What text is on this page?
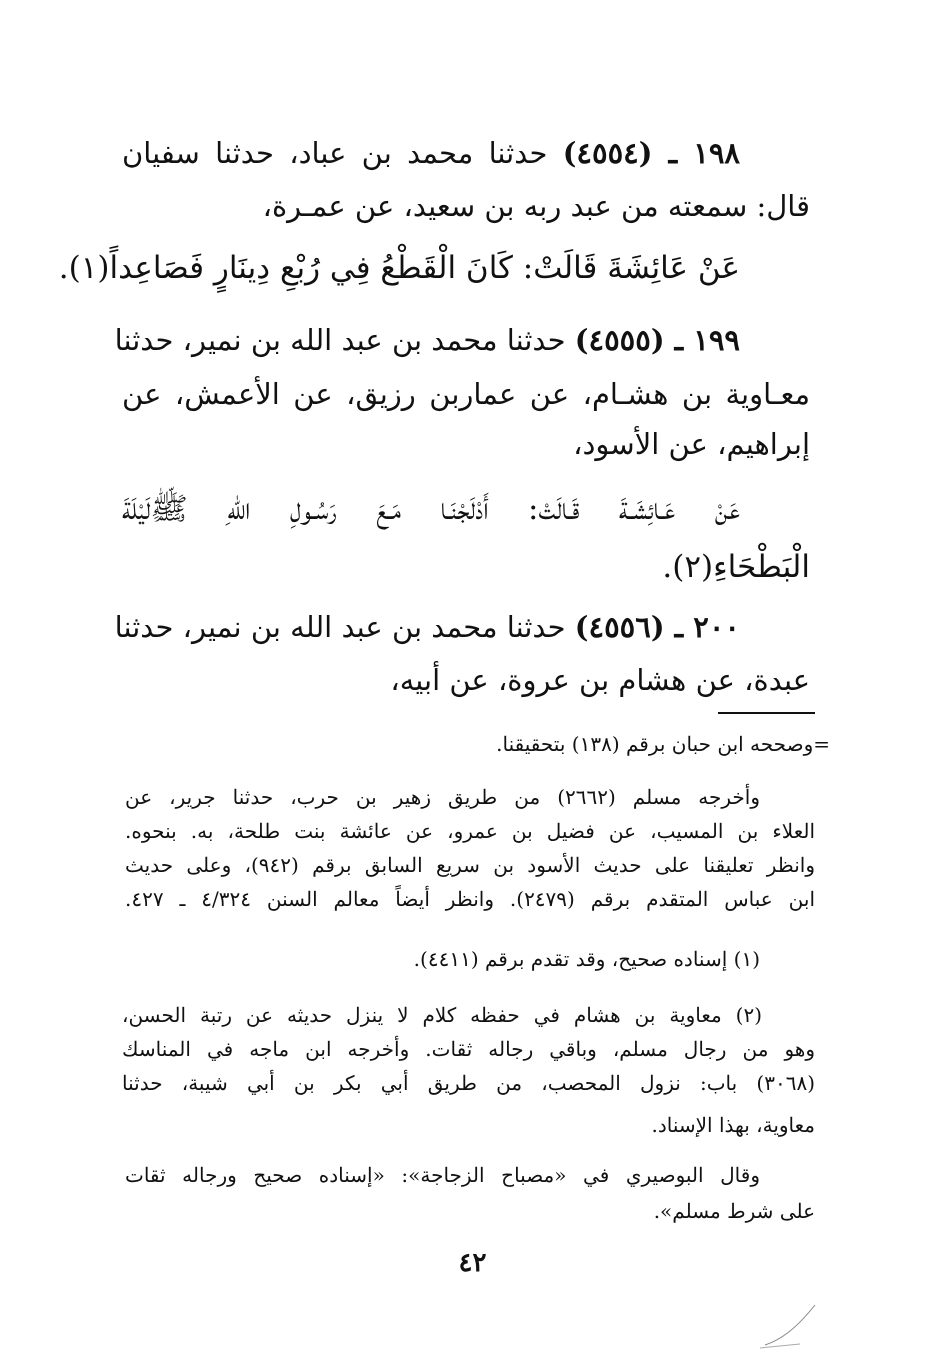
١٩٨ ـ (٤٥٥٤) حدثنا محمد بن عباد، حدثنا سفيان
قال: سمعته من عبد ربه بن سعيد، عن عمـرة،
عَنْ عَائِشَةَ قَالَتْ: كَانَ الْقَطْعُ فِي رُبْعِ دِينَارٍ فَصَاعِداً(١).
١٩٩ ـ (٤٥٥٥) حدثنا محمد بن عبد الله بن نمير، حدثنا
معـاوية بن هشـام، عن عماربن رزيق، عن الأعمش، عن
إبراهيم، عن الأسود،
عَنْ عَـائِشَـةَ قَـالَتْ: أَدْلَجْنَـا مَـعَ رَسُـولِ اللهِ ﷺلَيْلَةَ
الْبَطْحَاءِ(٢).
٢٠٠ ـ (٤٥٥٦) حدثنا محمد بن عبد الله بن نمير، حدثنا
عبدة، عن هشام بن عروة، عن أبيه،
=وصححه ابن حبان برقم (١٣٨) بتحقيقنا.
وأخرجه مسلم (٢٦٦٢) من طريق زهير بن حرب، حدثنا جرير، عن
العلاء بن المسيب، عن فضيل بن عمرو، عن عائشة بنت طلحة، به. بنحوه.
وانظر تعليقنا على حديث الأسود بن سريع السابق برقم (٩٤٢)، وعلى حديث
ابن عباس المتقدم برقم (٢٤٧٩). وانظر أيضاً معالم السنن ٤/٣٢٤ ـ ٤٢٧.
(١) إسناده صحيح، وقد تقدم برقم (٤٤١١).
(٢) معاوية بن هشام في حفظه كلام لا ينزل حديثه عن رتبة الحسن،
وهو من رجال مسلم، وباقي رجاله ثقات. وأخرجه ابن ماجه في المناسك
(٣٠٦٨) باب: نزول المحصب، من طريق أبي بكر بن أبي شيبة، حدثنا
معاوية، بهذا الإسناد.
وقال البوصيري في «مصباح الزجاجة»: «إسناده صحيح ورجاله ثقات
على شرط مسلم».
٤٢
